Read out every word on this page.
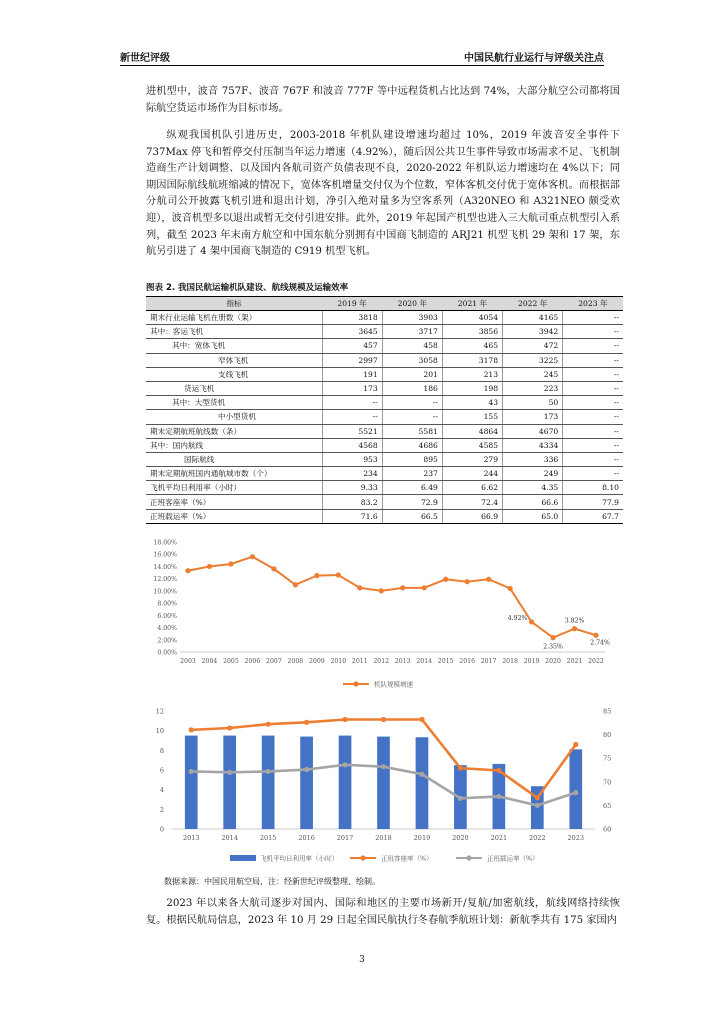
新世纪评级	中国民航行业运行与评级关注点

进机型中，波音 757F、波音 767F 和波音 777F 等中远程货机占比达到 74%，大部分航空公司都将国际航空货运市场作为目标市场。

纵观我国机队引进历史，2003-2018 年机队建设增速均超过 10%，2019 年波音安全事件下 737Max 停飞和暂停交付压制当年运力增速（4.92%），随后因公共卫生事件导致市场需求不足、飞机制造商生产计划调整、以及国内各航司资产负债表现不良，2020-2022 年机队运力增速均在 4%以下；同期因国际航线航班缩减的情况下，宽体客机增量交付仅为个位数，窄体客机交付优于宽体客机。而根据部分航司公开披露飞机引进和退出计划，净引入绝对量多为空客系列（A320NEO 和 A321NEO 颇受欢迎），波音机型多以退出或暂无交付引进安排。此外，2019 年起国产机型也进入三大航司重点机型引入系列，截至 2023 年末南方航空和中国东航分别拥有中国商飞制造的 ARJ21 机型飞机 29 架和 17 架，东航另引进了 4 架中国商飞制造的 C919 机型飞机。

图表 2. 我国民航运输机队建设、航线规模及运输效率
指标	2019 年	2020 年	2021 年	2022 年	2023 年
期末行业运输飞机在册数（架）	3818	3903	4054	4165	--
其中：客运飞机	3645	3717	3856	3942	--
其中：宽体飞机	457	458	465	472	--
窄体飞机	2997	3058	3178	3225	--
支线飞机	191	201	213	245	--
货运飞机	173	186	198	223	--
其中：大型货机	--	--	43	50	--
中小型货机	--	--	155	173	--
期末定期航班航线数（条）	5521	5581	4864	4670	--
其中：国内航线	4568	4686	4585	4334	--
国际航线	953	895	279	336	--
期末定期航班国内通航城市数（个）	234	237	244	249	--
飞机平均日利用率（小时）	9.33	6.49	6.62	4.35	8.10
正班客座率（%）	83.2	72.9	72.4	66.6	77.9
正班载运率（%）	71.6	66.5	66.9	65.0	67.7
0.00%
2.00%
4.00%
6.00%
8.00%
10.00%
12.00%
14.00%
16.00%
18.00%
2003 2004 2005 2006 2007 2008 2009 2010 2011 2012 2013 2014 2015 2016 2017 2018 2019 2020 2021 2022
4.92%
2.35%
3.82%
2.74%
机队规模增速
0
2
4
6
8
10
12
60
65
70
75
80
85
2013	2014	2015	2016	2017	2018	2019	2020	2021	2022	2023
飞机平均日利用率（小时）	正班客座率（%）	正班载运率（%）
数据来源：中国民用航空局，注：经新世纪评级整理、绘制。

2023 年以来各大航司逐步对国内、国际和地区的主要市场新开/复航/加密航线，航线网络持续恢复。根据民航局信息，2023 年 10 月 29 日起全国民航执行冬春航季航班计划：新航季共有 175 家国内

3
